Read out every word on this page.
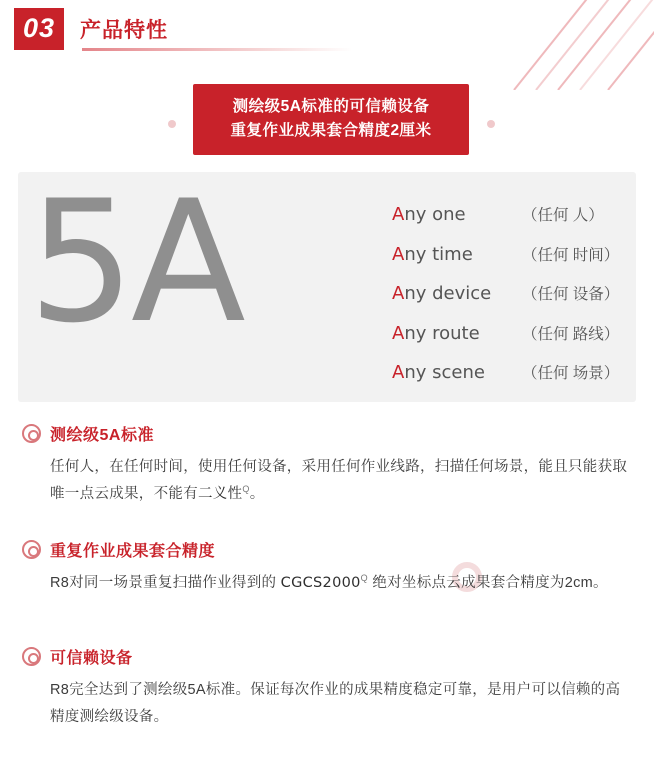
03	产品特性
测绘级5A标准的可信赖设备
重复作业成果套合精度2厘米
5A	Any one	（任何 人）
Any time	（任何 时间）
Any device	（任何 设备）
Any route	（任何 路线）
Any scene	（任何 场景）
测绘级5A标准
任何人，在任何时间，使用任何设备，采用任何作业线路，扫描任何场景，能且只能获取唯一点云成果，不能有二义性$^Q$。
重复作业成果套合精度
R8对同一场景重复扫描作业得到的 $CGCS2000^Q$ 绝对坐标点云成果套合精度为2cm。
可信赖设备
R8完全达到了测绘级5A标准。保证每次作业的成果精度稳定可靠，是用户可以信赖的高精度测绘级设备。
